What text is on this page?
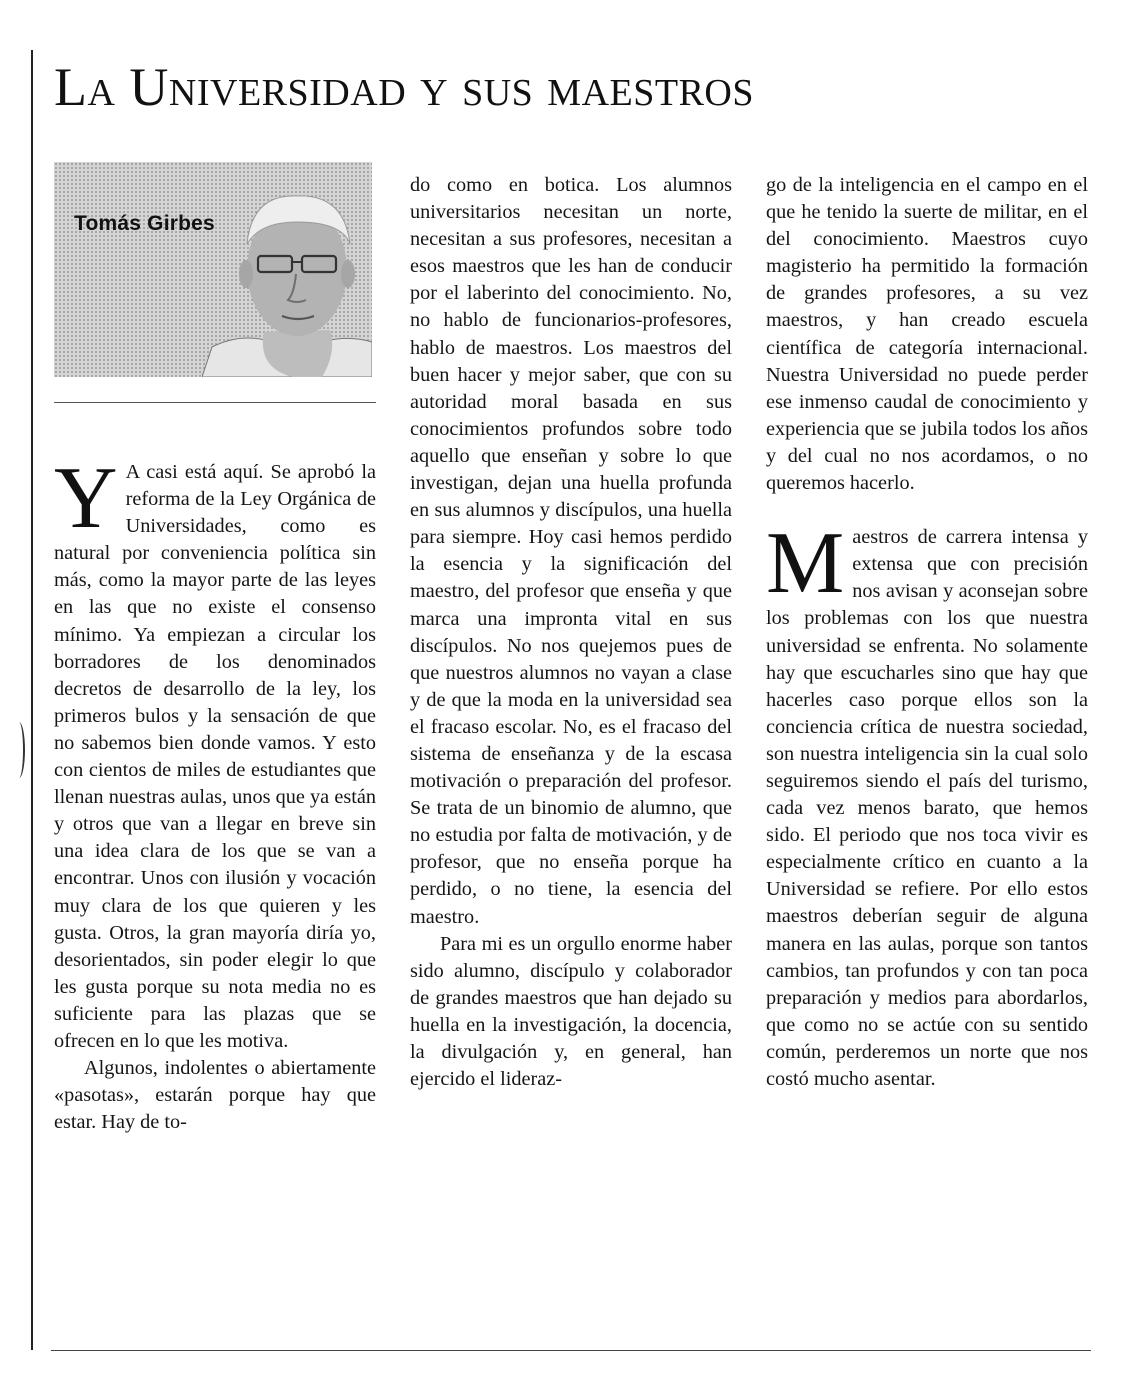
La Universidad y sus maestros
Tomás Girbes

Y A casi está aquí. Se aprobó la reforma de la Ley Orgánica de Universidades, como es natural por conveniencia política sin más, como la mayor parte de las leyes en las que no existe el consenso mínimo. Ya empiezan a circular los borradores de los denominados decretos de desarrollo de la ley, los primeros bulos y la sensación de que no sabemos bien donde vamos. Y esto con cientos de miles de estudiantes que llenan nuestras aulas, unos que ya están y otros que van a llegar en breve sin una idea clara de los que se van a encontrar. Unos con ilusión y vocación muy clara de los que quieren y les gusta. Otros, la gran mayoría diría yo, desorientados, sin poder elegir lo que les gusta porque su nota media no es suficiente para las plazas que se ofrecen en lo que les motiva.

Algunos, indolentes o abiertamente «pasotas», estarán porque hay que estar. Hay de to-

do como en botica. Los alumnos universitarios necesitan un norte, necesitan a sus profesores, necesitan a esos maestros que les han de conducir por el laberinto del conocimiento. No, no hablo de funcionarios-profesores, hablo de maestros. Los maestros del buen hacer y mejor saber, que con su autoridad moral basada en sus conocimientos profundos sobre todo aquello que enseñan y sobre lo que investigan, dejan una huella profunda en sus alumnos y discípulos, una huella para siempre. Hoy casi hemos perdido la esencia y la significación del maestro, del profesor que enseña y que marca una impronta vital en sus discípulos. No nos quejemos pues de que nuestros alumnos no vayan a clase y de que la moda en la universidad sea el fracaso escolar. No, es el fracaso del sistema de enseñanza y de la escasa motivación o preparación del profesor. Se trata de un binomio de alumno, que no estudia por falta de motivación, y de profesor, que no enseña porque ha perdido, o no tiene, la esencia del maestro.

Para mi es un orgullo enorme haber sido alumno, discípulo y colaborador de grandes maestros que han dejado su huella en la investigación, la docencia, la divulgación y, en general, han ejercido el lideraz-

go de la inteligencia en el campo en el que he tenido la suerte de militar, en el del conocimiento. Maestros cuyo magisterio ha permitido la formación de grandes profesores, a su vez maestros, y han creado escuela científica de categoría internacional. Nuestra Universidad no puede perder ese inmenso caudal de conocimiento y experiencia que se jubila todos los años y del cual no nos acordamos, o no queremos hacerlo.

Maestros de carrera intensa y extensa que con precisión nos avisan y aconsejan sobre los problemas con los que nuestra universidad se enfrenta. No solamente hay que escucharles sino que hay que hacerles caso porque ellos son la conciencia crítica de nuestra sociedad, son nuestra inteligencia sin la cual solo seguiremos siendo el país del turismo, cada vez menos barato, que hemos sido. El periodo que nos toca vivir es especialmente crítico en cuanto a la Universidad se refiere. Por ello estos maestros deberían seguir de alguna manera en las aulas, porque son tantos cambios, tan profundos y con tan poca preparación y medios para abordarlos, que como no se actúe con su sentido común, perderemos un norte que nos costó mucho asentar.
